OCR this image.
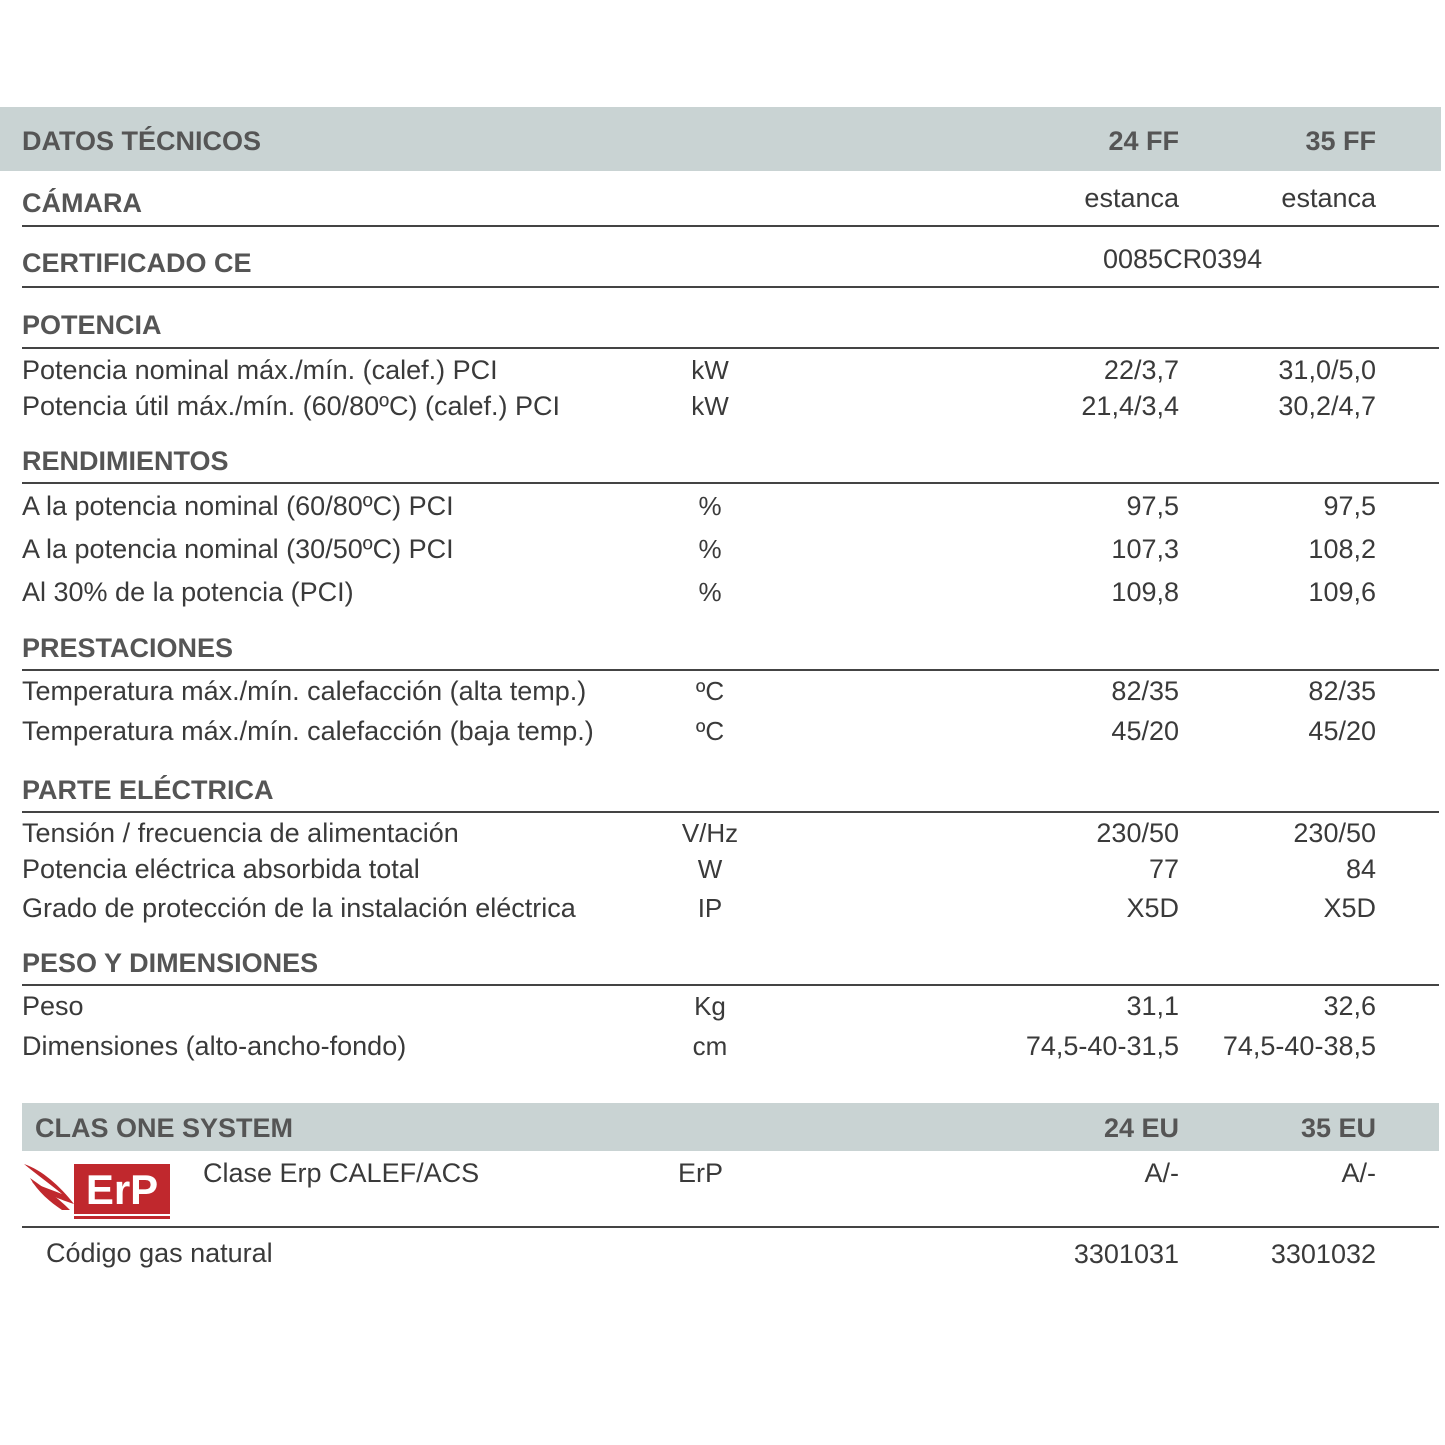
DATOS TÉCNICOS	24 FF	35 FF
CÁMARA	estanca	estanca
CERTIFICADO CE	0085CR0394
POTENCIA
Potencia nominal máx./mín. (calef.) PCI	kW	22/3,7	31,0/5,0
Potencia útil máx./mín. (60/80ºC) (calef.) PCI	kW	21,4/3,4	30,2/4,7
RENDIMIENTOS
A la potencia nominal (60/80ºC) PCI	%	97,5	97,5
A la potencia nominal (30/50ºC) PCI	%	107,3	108,2
Al 30% de la potencia (PCI)	%	109,8	109,6
PRESTACIONES
Temperatura máx./mín. calefacción (alta temp.)	ºC	82/35	82/35
Temperatura máx./mín. calefacción (baja temp.)	ºC	45/20	45/20
PARTE ELÉCTRICA
Tensión / frecuencia de alimentación	V/Hz	230/50	230/50
Potencia eléctrica absorbida total	W	77	84
Grado de protección de la instalación eléctrica	IP	X5D	X5D
PESO Y DIMENSIONES
Peso	Kg	31,1	32,6
Dimensiones (alto-ancho-fondo)	cm	74,5-40-31,5	74,5-40-38,5
CLAS ONE SYSTEM	24 EU	35 EU
ErP Clase Erp CALEF/ACS	ErP	A/-	A/-
Código gas natural	3301031	3301032
